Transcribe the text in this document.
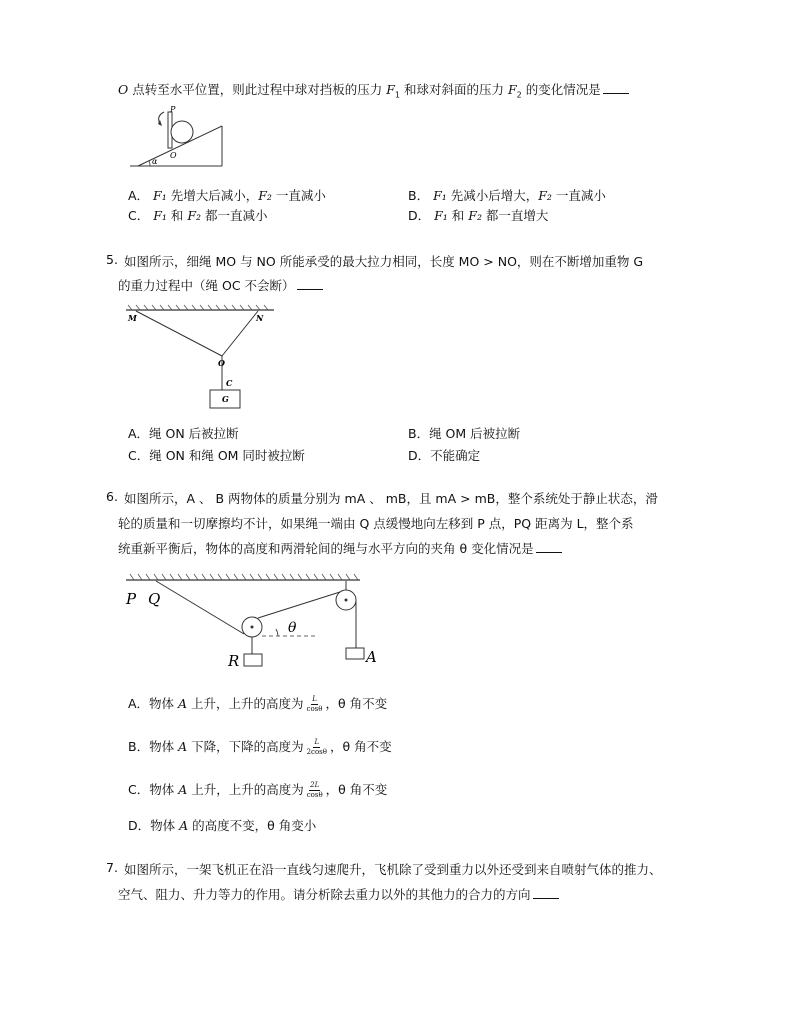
O 点转至水平位置，则此过程中球对挡板的压力 $F_1$ 和球对斜面的压力 $F_2$ 的变化情况是
P
O
α
A． F₁ 先增大后减小，F₂ 一直减小	B． F₁ 先减小后增大，F₂ 一直减小
C． F₁ 和 F₂ 都一直减小	D． F₁ 和 F₂ 都一直增大
5. 如图所示，细绳 MO 与 NO 所能承受的最大拉力相同，长度 MO > NO，则在不断增加重物 G
的重力过程中（绳 OC 不会断）
M	N
O
C
G
A．绳 ON 后被拉断	B．绳 OM 后被拉断
C．绳 ON 和绳 OM 同时被拉断	D．不能确定
6. 如图所示，A 、 B 两物体的质量分别为 mA 、 mB，且 mA > mB，整个系统处于静止状态，滑
轮的质量和一切摩擦均不计，如果绳一端由 Q 点缓慢地向左移到 P 点，PQ 距离为 L，整个系
统重新平衡后，物体的高度和两滑轮间的绳与水平方向的夹角 θ 变化情况是
P Q
θ
R	A
A．物体 A 上升，上升的高度为 $\frac{L}{\cos\theta}$ ，θ 角不变
B．物体 A 下降，下降的高度为 $\frac{L}{2\cos\theta}$ ，θ 角不变
C．物体 A 上升，上升的高度为 $\frac{2L}{\cos\theta}$ ，θ 角不变
D．物体 A 的高度不变，θ 角变小
7. 如图所示，一架飞机正在沿一直线匀速爬升，飞机除了受到重力以外还受到来自喷射气体的推力、
空气、阻力、升力等力的作用。请分析除去重力以外的其他力的合力的方向
